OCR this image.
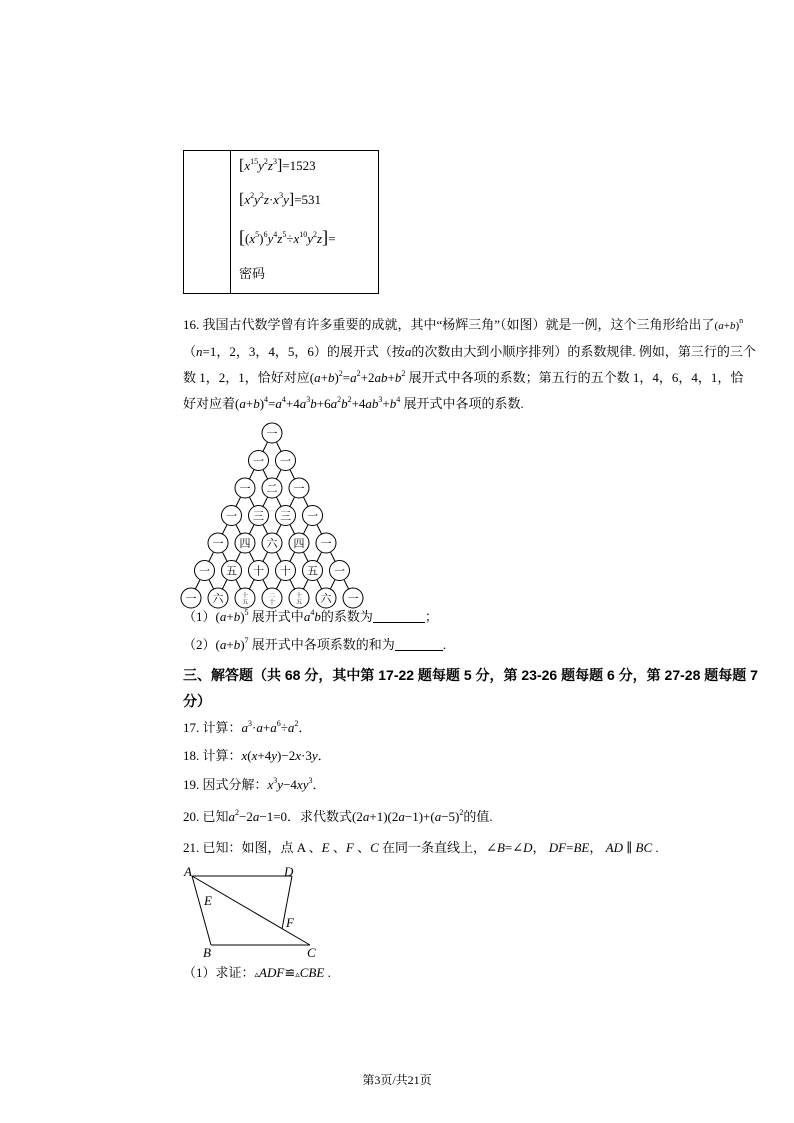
$[x^{15}y^2z^3]=1523$
$[x^2y^2z\cdot x^3y]=531$
$[(x^5)^6y^4z^5\div x^{10}y^2z]=$
密码
16. 我国古代数学曾有许多重要的成就，其中“杨辉三角”（如图）就是一例，这个三角形给出了$(a+b)^n$
（n=1，2，3，4，5，6）的展开式（按a的次数由大到小顺序排列）的系数规律. 例如，第三行的三个
数 1，2，1，恰好对应$(a+b)^2=a^2+2ab+b^2$ 展开式中各项的系数；第五行的五个数 1，4，6，4，1，恰
好对应着$(a+b)^4=a^4+4a^3b+6a^2b^2+4ab^3+b^4$ 展开式中各项的系数.
一
一 一
一 二 一
一 三 三 一
一 四 六 四 一
一 五 十 十 五 一
一 六	十五
二十
十五 六 一
$(1)(a+b)^5$ 展开式中$a^4b$的系数为	；
$(2)(a+b)^7$ 展开式中各项系数的和为	.
三、解答题（共 68 分，其中第 17-22 题每题 5 分，第 23-26 题每题 6 分，第 27-28 题每题 7 分）
17. 计算：$a^3\cdot a+a^6\div a^2$．
18. 计算：x(x+4y)−2x·3y．
19. 因式分解：$x^3y-4xy^3$．
20. 已知$a^2-2a-1=0$．求代数式$(2a+1)(2a-1)+(a-5)^2$的值.
21. 已知：如图，点 A 、E 、F 、C 在同一条直线上，∠B=∠D， DF=BE， AD ∥ BC .
A	D
E
F
B	C
（1）求证：▵ADF≌▵CBE .
第3页/共21页
